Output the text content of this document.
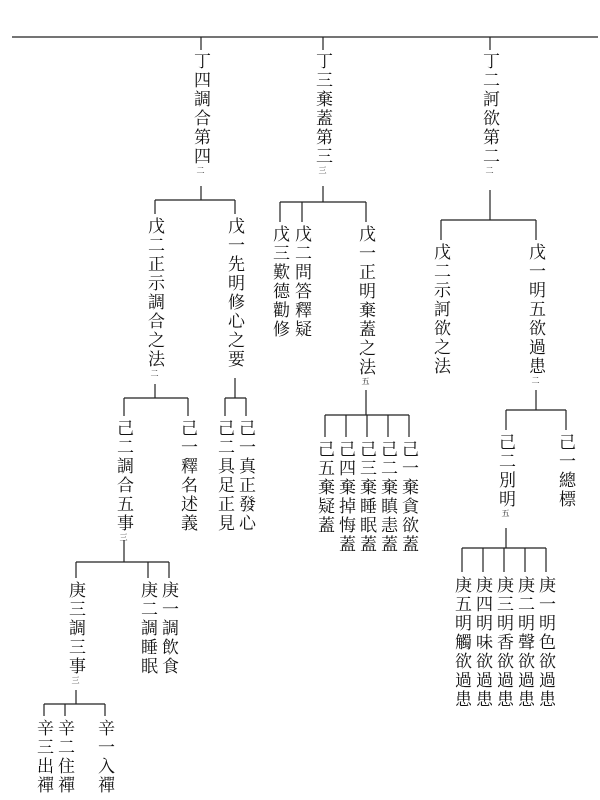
丁二訶欲第二二
丁三棄蓋第三三
丁四調合第四二
戊一明五欲過患二
戊二示訶欲之法
己一總標
己二別明五
庚一明色欲過患
庚二明聲欲過患
庚三明香欲過患
庚四明味欲過患
庚五明觸欲過患
戊一正明棄蓋之法五
戊二問答釋疑
戊三歎德勸修
己一棄貪欲蓋
己二棄瞋恚蓋
己三棄睡眠蓋
己四棄掉悔蓋
己五棄疑蓋
戊一先明修心之要
戊二正示調合之法二
己一真正發心
己二具足正見
己一釋名述義
己二調合五事三
庚一調飲食
庚二調睡眠
庚三調三事三
辛一入禪
辛二住禪
辛三出禪
